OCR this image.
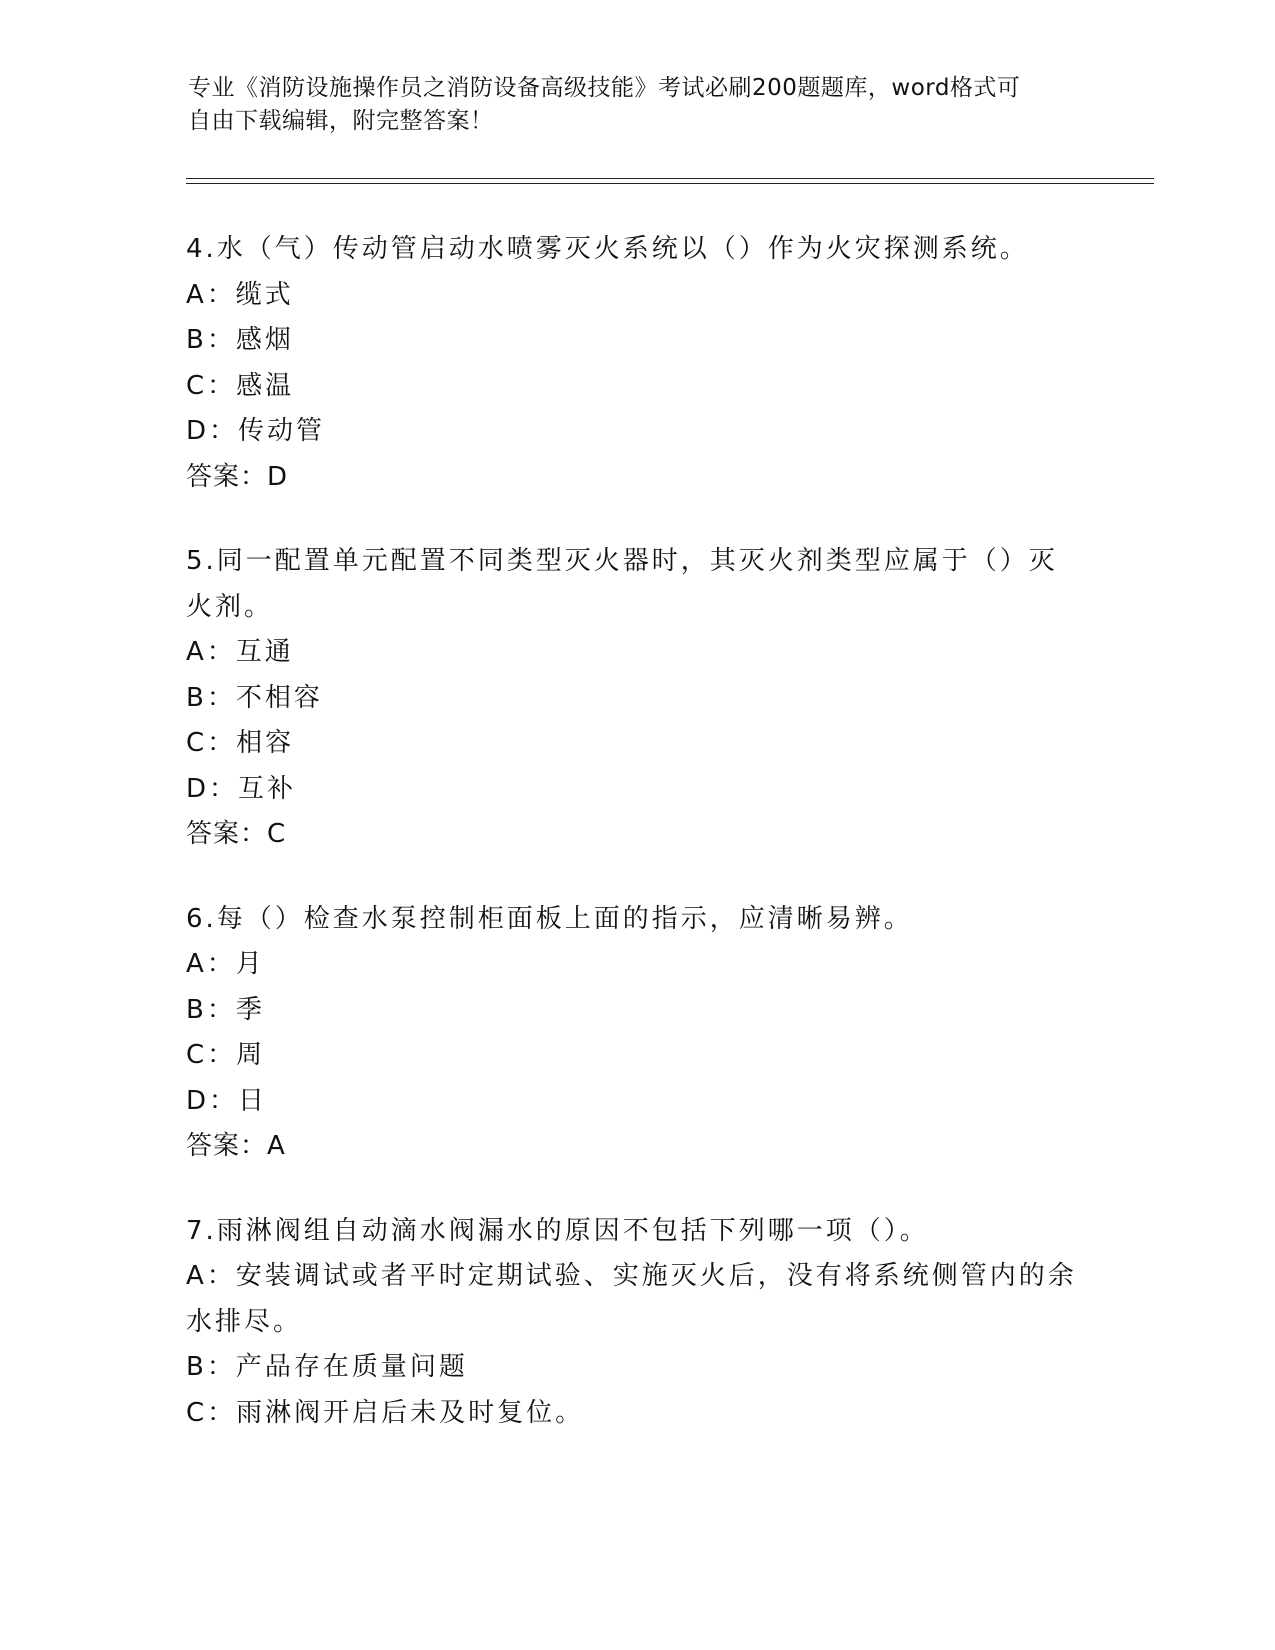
专业《消防设施操作员之消防设备高级技能》考试必刷200题题库，word格式可
自由下载编辑，附完整答案！
4.水（气）传动管启动水喷雾灭火系统以（）作为火灾探测系统。
A：缆式
B：感烟
C：感温
D：传动管
答案：D
5.同一配置单元配置不同类型灭火器时，其灭火剂类型应属于（）灭
火剂。
A：互通
B：不相容
C：相容
D：互补
答案：C
6.每（）检查水泵控制柜面板上面的指示，应清晰易辨。
A：月
B：季
C：周
D：日
答案：A
7.雨淋阀组自动滴水阀漏水的原因不包括下列哪一项（）。
A：安装调试或者平时定期试验、实施灭火后，没有将系统侧管内的余
水排尽。
B：产品存在质量问题
C：雨淋阀开启后未及时复位。
